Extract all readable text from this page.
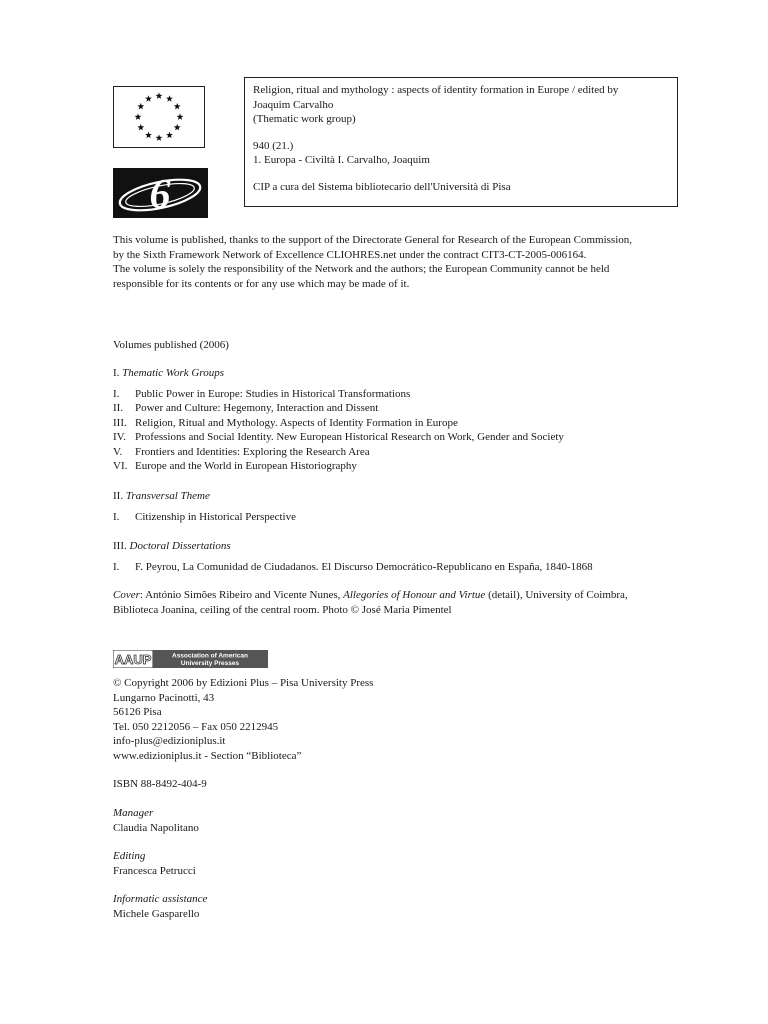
6

Religion, ritual and mythology : aspects of identity formation in Europe / edited by

Joaquim Carvalho

(Thematic work group)

940 (21.)

1. Europa - Civiltà I. Carvalho, Joaquim

CIP a cura del Sistema bibliotecario dell'Università di Pisa

This volume is published, thanks to the support of the Directorate General for Research of the European Commission,

by the Sixth Framework Network of Excellence CLIOHRES.net under the contract CIT3-CT-2005-006164.

The volume is solely the responsibility of the Network and the authors; the European Community cannot be held

responsible for its contents or for any use which may be made of it.

Volumes published (2006)

I. Thematic Work Groups

I.	Public Power in Europe: Studies in Historical Transformations
II.	Power and Culture: Hegemony, Interaction and Dissent
III. Religion, Ritual and Mythology. Aspects of Identity Formation in Europe
IV. Professions and Social Identity. New European Historical Research on Work, Gender and Society
V.	Frontiers and Identities: Exploring the Research Area
VI. Europe and the World in European Historiography

II. Transversal Theme

I.	Citizenship in Historical Perspective

III. Doctoral Dissertations

I.	F. Peyrou, La Comunidad de Ciudadanos. El Discurso Democrático-Republicano en España, 1840-1868

Cover: António Simões Ribeiro and Vicente Nunes, Allegories of Honour and Virtue (detail), University of Coimbra,

Biblioteca Joanina, ceiling of the central room. Photo © José Maria Pimentel

AAUP	Association of American
University Presses

© Copyright 2006 by Edizioni Plus – Pisa University Press

Lungarno Pacinotti, 43

56126 Pisa

Tel. 050 2212056 – Fax 050 2212945

info-plus@edizioniplus.it

www.edizioniplus.it - Section “Biblioteca”

ISBN 88-8492-404-9

Manager

Claudia Napolitano

Editing

Francesca Petrucci

Informatic assistance

Michele Gasparello
